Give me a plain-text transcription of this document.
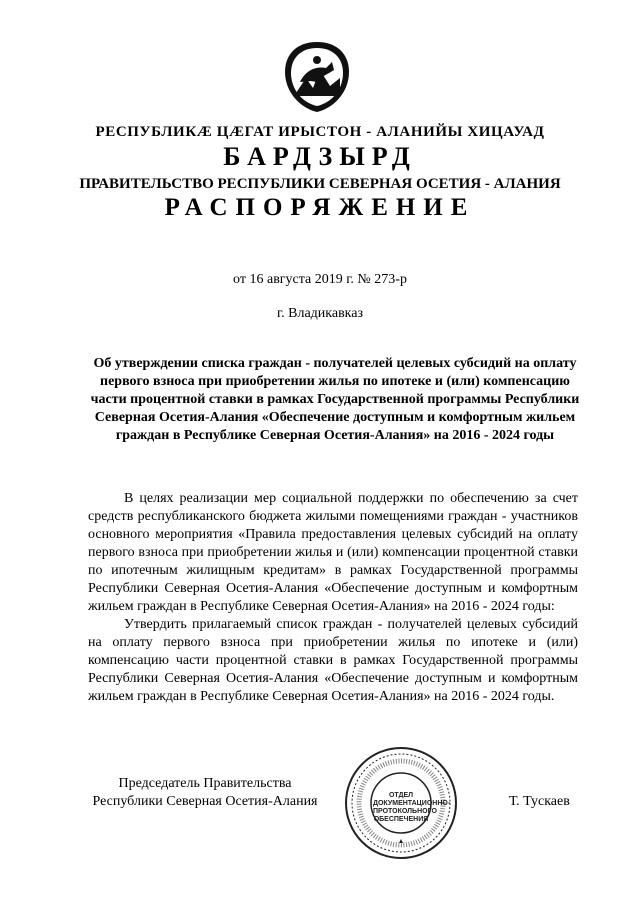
РЕСПУБЛИКӔ ЦӔГАТ ИРЫСТОН - АЛАНИЙЫ ХИЦАУАД
БАРДЗЫРД
ПРАВИТЕЛЬСТВО РЕСПУБЛИКИ СЕВЕРНАЯ ОСЕТИЯ - АЛАНИЯ
РАСПОРЯЖЕНИЕ
от 16 августа 2019 г. № 273-р
г. Владикавказ
Об утверждении списка граждан - получателей целевых субсидий на оплату первого взноса при приобретении жилья по ипотеке и (или) компенсацию части процентной ставки в рамках Государственной программы Республики Северная Осетия-Алания «Обеспечение доступным и комфортным жильем граждан в Республике Северная Осетия-Алания» на 2016 - 2024 годы

В целях реализации мер социальной поддержки по обеспечению за счет средств республиканского бюджета жилыми помещениями граждан - участников основного мероприятия «Правила предоставления целевых субсидий на оплату первого взноса при приобретении жилья и (или) компенсации процентной ставки по ипотечным жилищным кредитам» в рамках Государственной программы Республики Северная Осетия-Алания «Обеспечение доступным и комфортным жильем граждан в Республике Северная Осетия-Алания» на 2016 - 2024 годы:

Утвердить прилагаемый список граждан - получателей целевых субсидий на оплату первого взноса при приобретении жилья по ипотеке и (или) компенсацию части процентной ставки в рамках Государственной программы Республики Северная Осетия-Алания «Обеспечение доступным и комфортным жильем граждан в Республике Северная Осетия-Алания» на 2016 - 2024 годы.

Председатель Правительства
Республики Северная Осетия-Алания	ОТДЕЛ ДОКУМЕНТАЦИОННО-ПРОТОКОЛЬНОГО ОБЕСПЕЧЕНИЯ
Т. Тускаев
